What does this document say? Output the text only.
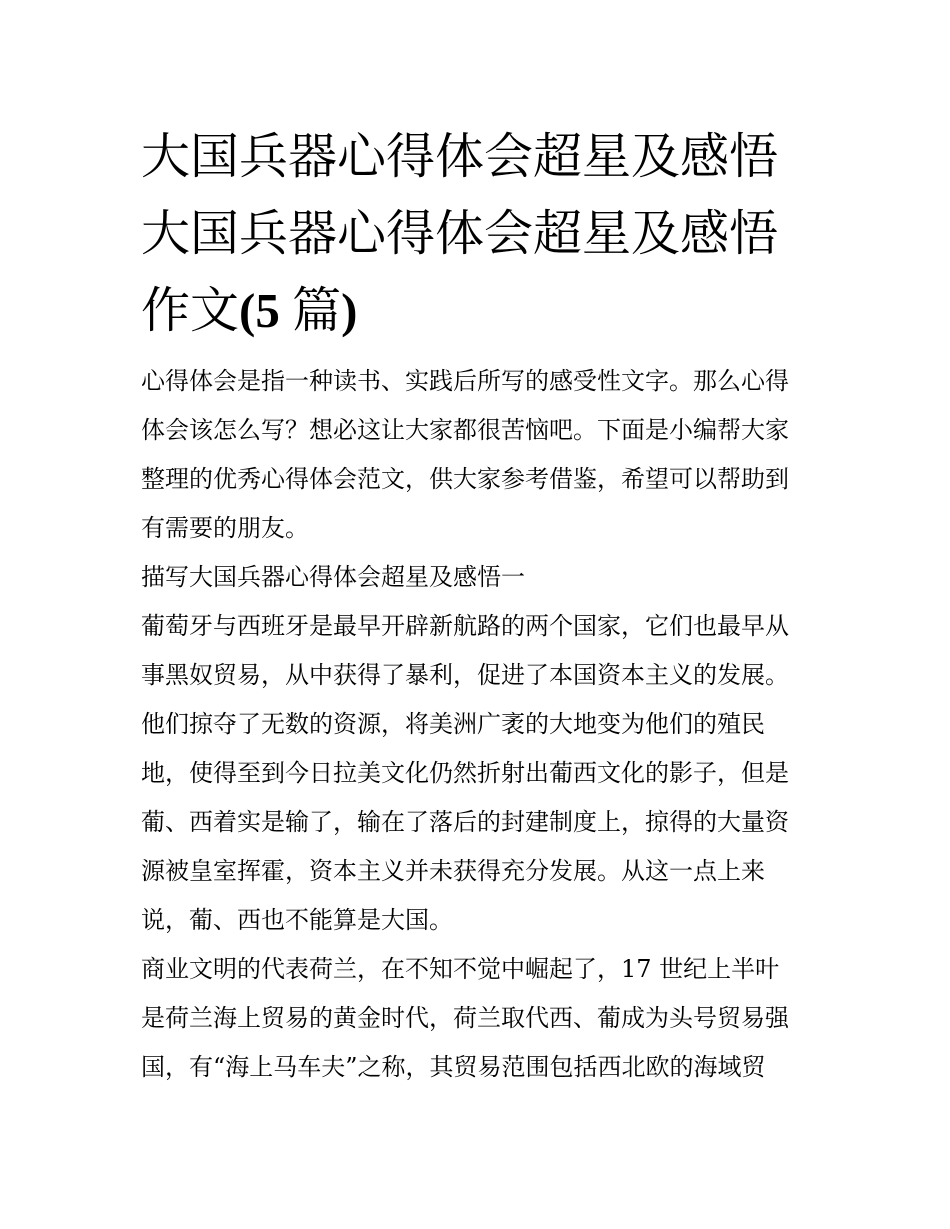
大国兵器心得体会超星及感悟
大国兵器心得体会超星及感悟
作文(5 篇)
心得体会是指一种读书、实践后所写的感受性文字。那么心得
体会该怎么写？想必这让大家都很苦恼吧。下面是小编帮大家
整理的优秀心得体会范文，供大家参考借鉴，希望可以帮助到
有需要的朋友。
描写大国兵器心得体会超星及感悟一
葡萄牙与西班牙是最早开辟新航路的两个国家，它们也最早从
事黑奴贸易，从中获得了暴利，促进了本国资本主义的发展。
他们掠夺了无数的资源，将美洲广袤的大地变为他们的殖民
地，使得至到今日拉美文化仍然折射出葡西文化的影子，但是
葡、西着实是输了，输在了落后的封建制度上，掠得的大量资
源被皇室挥霍，资本主义并未获得充分发展。从这一点上来
说，葡、西也不能算是大国。
商业文明的代表荷兰，在不知不觉中崛起了，17 世纪上半叶
是荷兰海上贸易的黄金时代，荷兰取代西、葡成为头号贸易强
国，有“海上马车夫”之称，其贸易范围包括西北欧的海域贸
